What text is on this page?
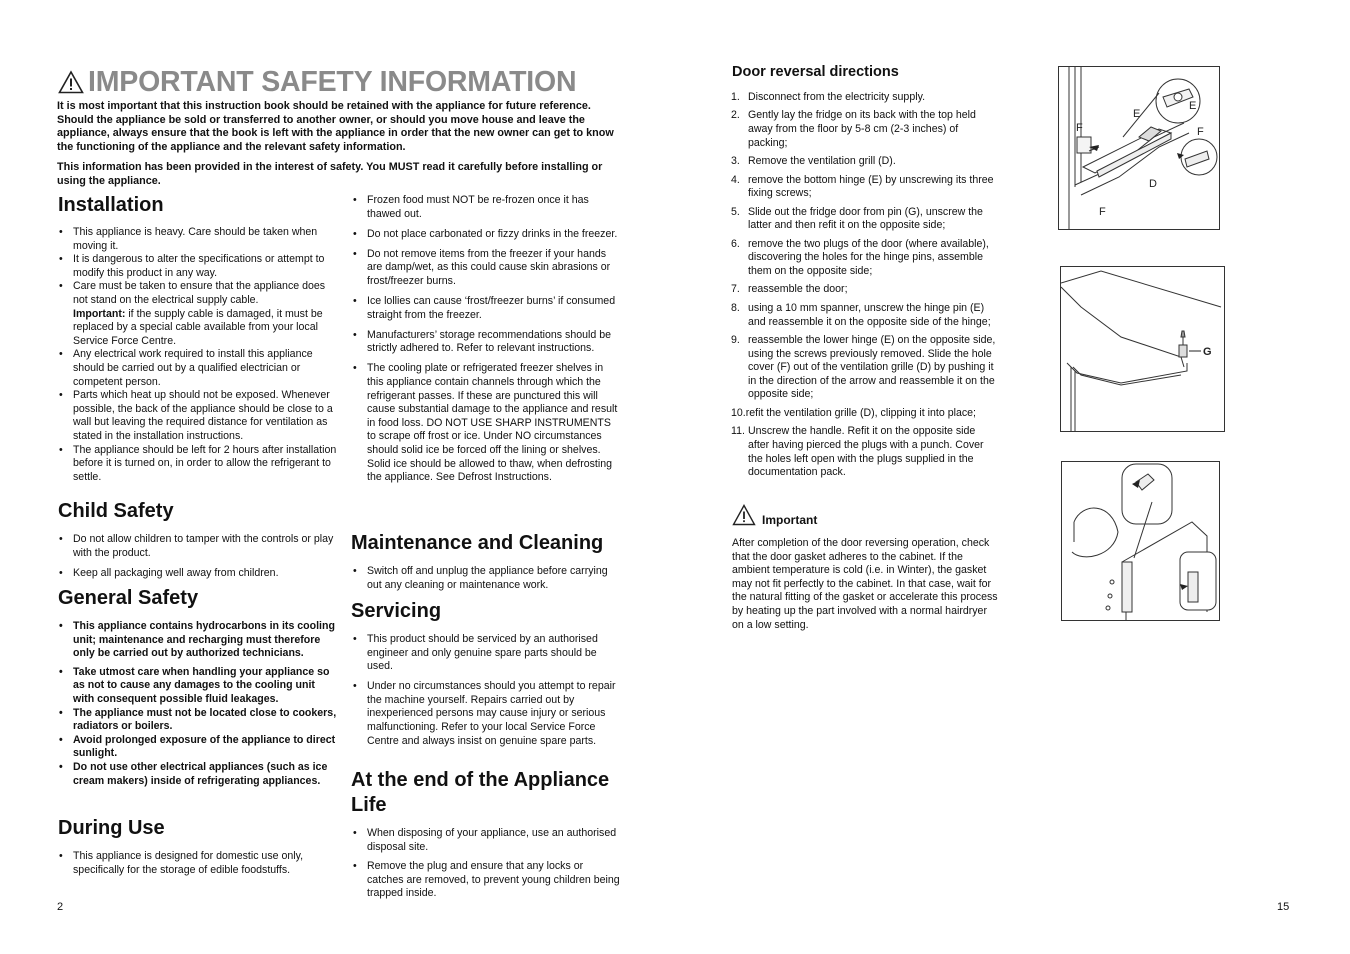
IMPORTANT SAFETY INFORMATION

It is most important that this instruction book should be retained with the appliance for future reference. Should the appliance be sold or transferred to another owner, or should you move house and leave the appliance, always ensure that the book is left with the appliance in order that the new owner can get to know the functioning of the appliance and the relevant safety information.

This information has been provided in the interest of safety. You MUST read it carefully before installing or using the appliance.

Installation
• This appliance is heavy. Care should be taken when moving it.
• It is dangerous to alter the specifications or attempt to modify this product in any way.
• Care must be taken to ensure that the appliance does not stand on the electrical supply cable.
Important: if the supply cable is damaged, it must be replaced by a special cable available from your local Service Force Centre.
• Any electrical work required to install this appliance should be carried out by a qualified electrician or competent person.
• Parts which heat up should not be exposed. Whenever possible, the back of the appliance should be close to a wall but leaving the required distance for ventilation as stated in the installation instructions.
• The appliance should be left for 2 hours after installation before it is turned on, in order to allow the refrigerant to settle.
Child Safety
• Do not allow children to tamper with the controls or play with the product.
• Keep all packaging well away from children.
General Safety
• This appliance contains hydrocarbons in its cooling unit; maintenance and recharging must therefore only be carried out by authorized technicians.
• Take utmost care when handling your appliance so as not to cause any damages to the cooling unit with consequent possible fluid leakages.
• The appliance must not be located close to cookers, radiators or boilers.
• Avoid prolonged exposure of the appliance to direct sunlight.
• Do not use other electrical appliances (such as ice cream makers) inside of refrigerating appliances.
During Use
• This appliance is designed for domestic use only, specifically for the storage of edible foodstuffs.
• Frozen food must NOT be re-frozen once it has thawed out.
• Do not place carbonated or fizzy drinks in the freezer.
• Do not remove items from the freezer if your hands are damp/wet, as this could cause skin abrasions or frost/freezer burns.
• Ice lollies can cause ‘frost/freezer burns’ if consumed straight from the freezer.
• Manufacturers’ storage recommendations should be strictly adhered to. Refer to relevant instructions.
• The cooling plate or refrigerated freezer shelves in this appliance contain channels through which the refrigerant passes. If these are punctured this will cause substantial damage to the appliance and result in food loss. DO NOT USE SHARP INSTRUMENTS to scrape off frost or ice. Under NO circumstances should solid ice be forced off the lining or shelves. Solid ice should be allowed to thaw, when defrosting the appliance. See Defrost Instructions.
Maintenance and Cleaning
• Switch off and unplug the appliance before carrying out any cleaning or maintenance work.
Servicing
• This product should be serviced by an authorised engineer and only genuine spare parts should be used.
• Under no circumstances should you attempt to repair the machine yourself. Repairs carried out by inexperienced persons may cause injury or serious malfunctioning. Refer to your local Service Force Centre and always insist on genuine spare parts.
At the end of the Appliance Life
• When disposing of your appliance, use an authorised disposal site.
• Remove the plug and ensure that any locks or catches are removed, to prevent young children being trapped inside.
Door reversal directions
1. Disconnect from the electricity supply.
2. Gently lay the fridge on its back with the top held away from the floor by 5-8 cm (2-3 inches) of packing;
3. Remove the ventilation grill (D).
4. remove the bottom hinge (E) by unscrewing its three fixing screws;
5. Slide out the fridge door from pin (G), unscrew the latter and then refit it on the opposite side;
6. remove the two plugs of the door (where available), discovering the holes for the hinge pins, assemble them on the opposite side;
7. reassemble the door;
8. using a 10 mm spanner, unscrew the hinge pin (E) and reassemble it on the opposite side of the hinge;
9. reassemble the lower hinge (E) on the opposite side, using the screws previously removed. Slide the hole cover (F) out of the ventilation grille (D) by pushing it in the direction of the arrow and reassemble it on the opposite side;
10.refit the ventilation grille (D), clipping it into place;
11. Unscrew the handle. Refit it on the opposite side after having pierced the plugs with a punch. Cover the holes left open with the plugs supplied in the documentation pack.
Important

After completion of the door reversing operation, check that the door gasket adheres to the cabinet. If the ambient temperature is cold (i.e. in Winter), the gasket may not fit perfectly to the cabinet. In that case, wait for the natural fitting of the gasket or accelerate this process by heating up the part involved with a normal hairdryer on a low setting.

E
E
F	F
F
D
G
2	15
